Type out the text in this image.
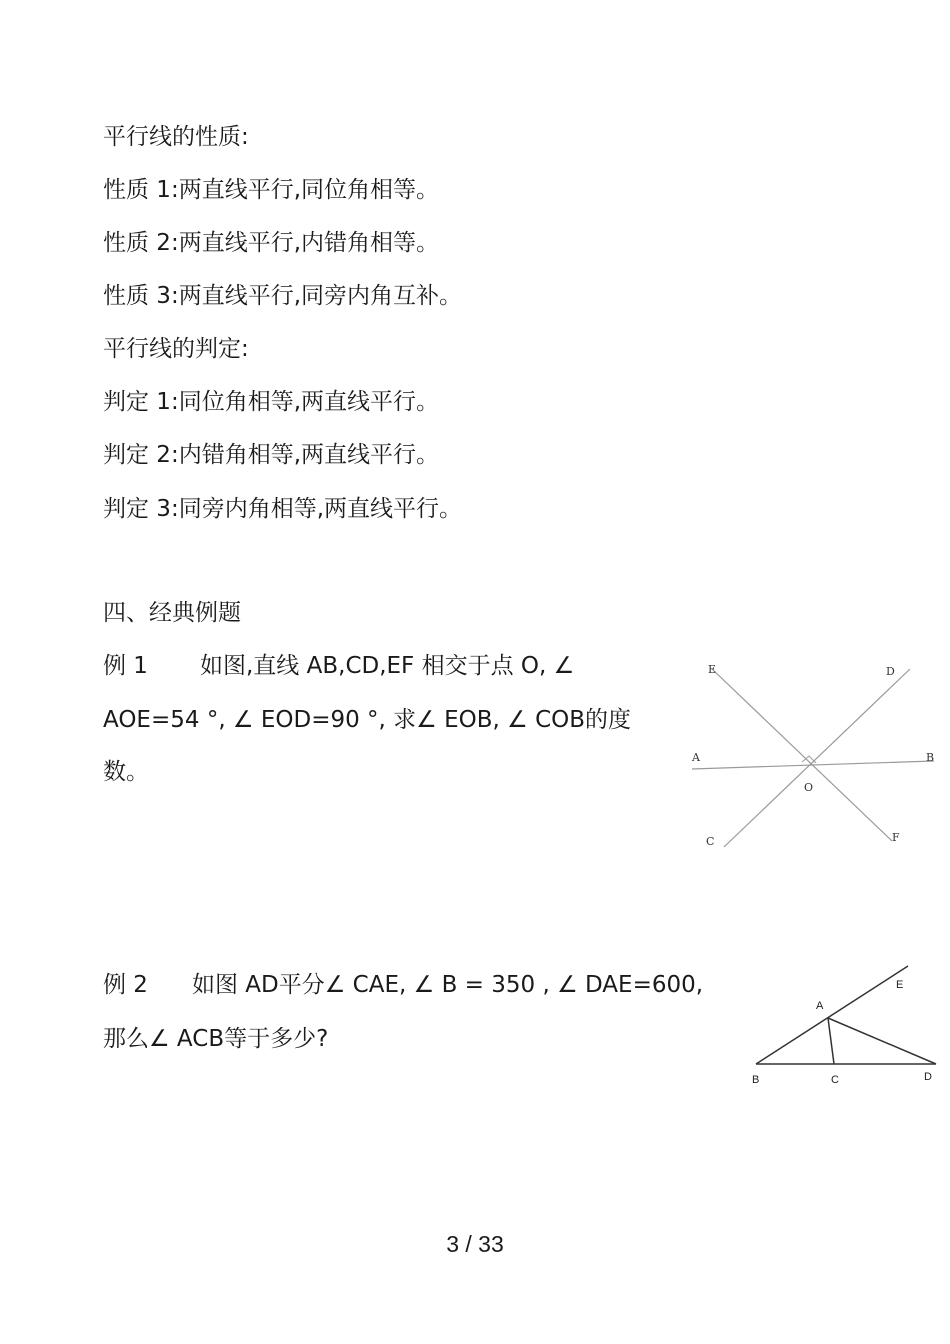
平行线的性质:
性质 1:两直线平行,同位角相等。
性质 2:两直线平行,内错角相等。
性质 3:两直线平行,同旁内角互补。
平行线的判定:
判定 1:同位角相等,两直线平行。
判定 2:内错角相等,两直线平行。
判定 3:同旁内角相等,两直线平行。
四、经典例题
例 1 如图,直线 AB,CD,EF 相交于点 O, ∠
AOE=54 °, ∠ EOD=90 °, 求∠ EOB, ∠ COB的度
数。
E	D
A	B
O
C	F
例 2 如图 AD平分∠ CAE, ∠ B = 350 , ∠ DAE=600,
那么∠ ACB等于多少?
A
E
B	C	D
3 / 33
